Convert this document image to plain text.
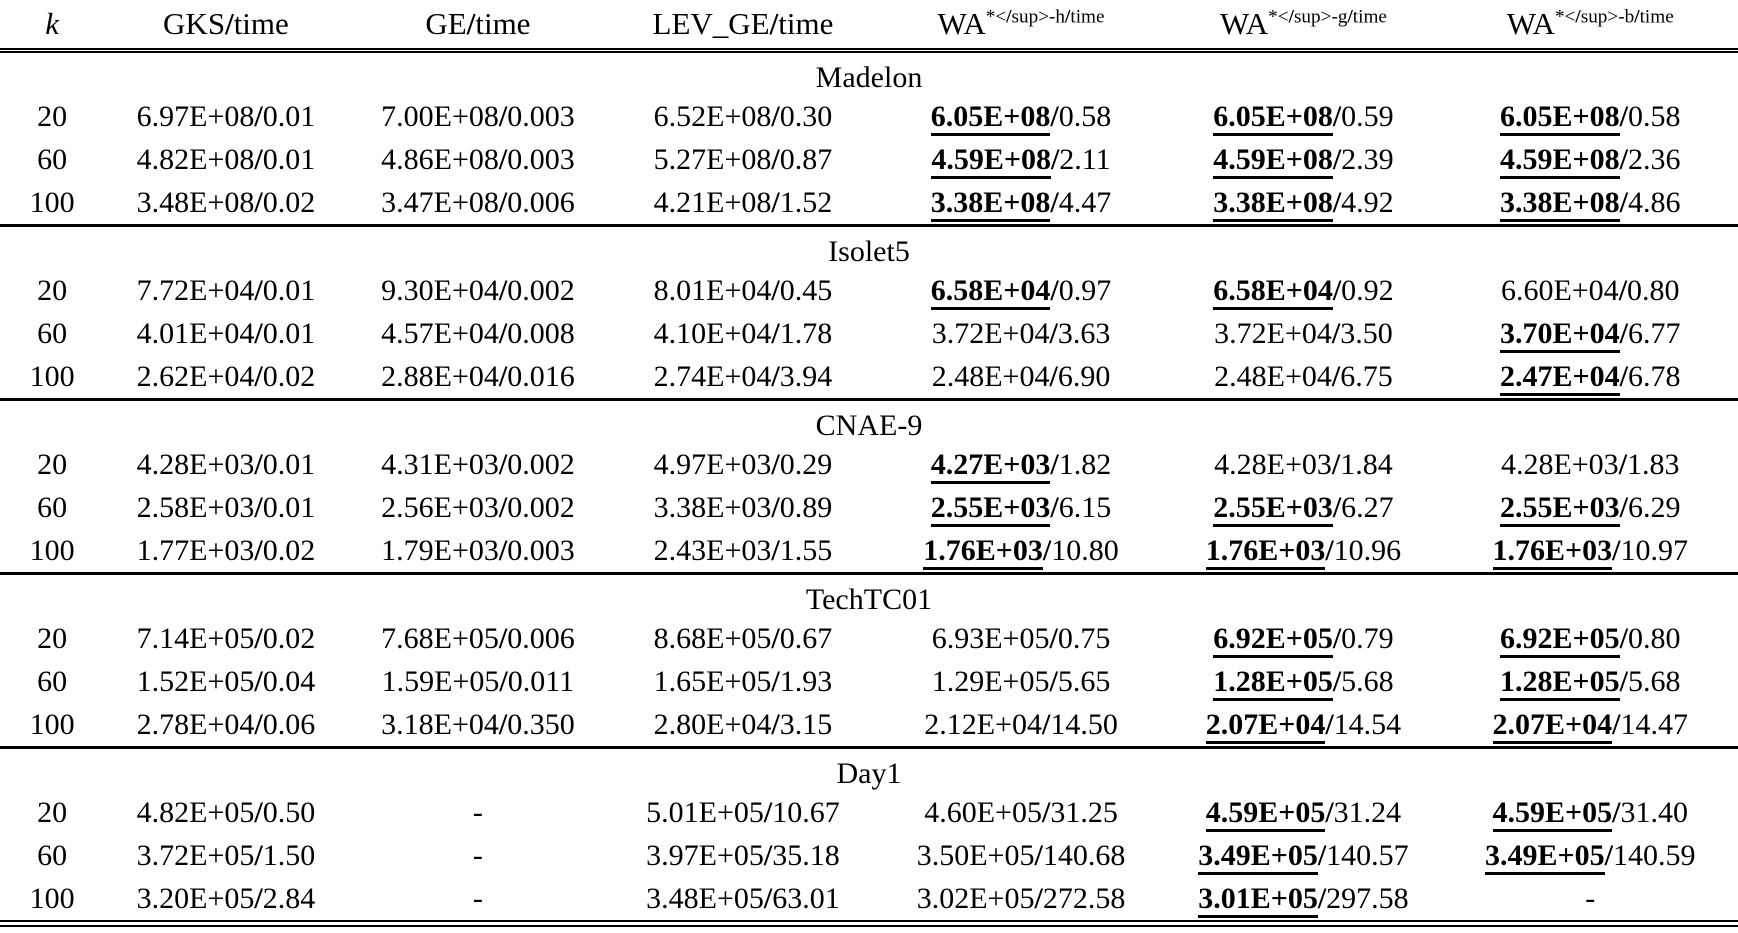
k	GKS/time	GE/time	LEV_GE/time	$WA^{*</sup>-h/time}$	$WA^{*</sup>-g/time}$	$WA^{*</sup>-b/time}$
Madelon						
20	6.97E+08/0.01	7.00E+08/0.003	6.52E+08/0.30	6.05E+08/0.58	6.05E+08/0.59	6.05E+08/0.58
60	4.82E+08/0.01	4.86E+08/0.003	5.27E+08/0.87	4.59E+08/2.11	4.59E+08/2.39	4.59E+08/2.36
100	3.48E+08/0.02	3.47E+08/0.006	4.21E+08/1.52	3.38E+08/4.47	3.38E+08/4.92	3.38E+08/4.86
Isolet5						
20	7.72E+04/0.01	9.30E+04/0.002	8.01E+04/0.45	6.58E+04/0.97	6.58E+04/0.92	6.60E+04/0.80
60	4.01E+04/0.01	4.57E+04/0.008	4.10E+04/1.78	3.72E+04/3.63	3.72E+04/3.50	3.70E+04/6.77
100	2.62E+04/0.02	2.88E+04/0.016	2.74E+04/3.94	2.48E+04/6.90	2.48E+04/6.75	2.47E+04/6.78
CNAE-9						
20	4.28E+03/0.01	4.31E+03/0.002	4.97E+03/0.29	4.27E+03/1.82	4.28E+03/1.84	4.28E+03/1.83
60	2.58E+03/0.01	2.56E+03/0.002	3.38E+03/0.89	2.55E+03/6.15	2.55E+03/6.27	2.55E+03/6.29
100	1.77E+03/0.02	1.79E+03/0.003	2.43E+03/1.55	1.76E+03/10.80	1.76E+03/10.96	1.76E+03/10.97
TechTC01						
20	7.14E+05/0.02	7.68E+05/0.006	8.68E+05/0.67	6.93E+05/0.75	6.92E+05/0.79	6.92E+05/0.80
60	1.52E+05/0.04	1.59E+05/0.011	1.65E+05/1.93	1.29E+05/5.65	1.28E+05/5.68	1.28E+05/5.68
100	2.78E+04/0.06	3.18E+04/0.350	2.80E+04/3.15	2.12E+04/14.50	2.07E+04/14.54	2.07E+04/14.47
Day1						
20	4.82E+05/0.50	-	5.01E+05/10.67	4.60E+05/31.25	4.59E+05/31.24	4.59E+05/31.40
60	3.72E+05/1.50	-	3.97E+05/35.18	3.50E+05/140.68	3.49E+05/140.57	3.49E+05/140.59
100	3.20E+05/2.84	-	3.48E+05/63.01	3.02E+05/272.58	3.01E+05/297.58	-
